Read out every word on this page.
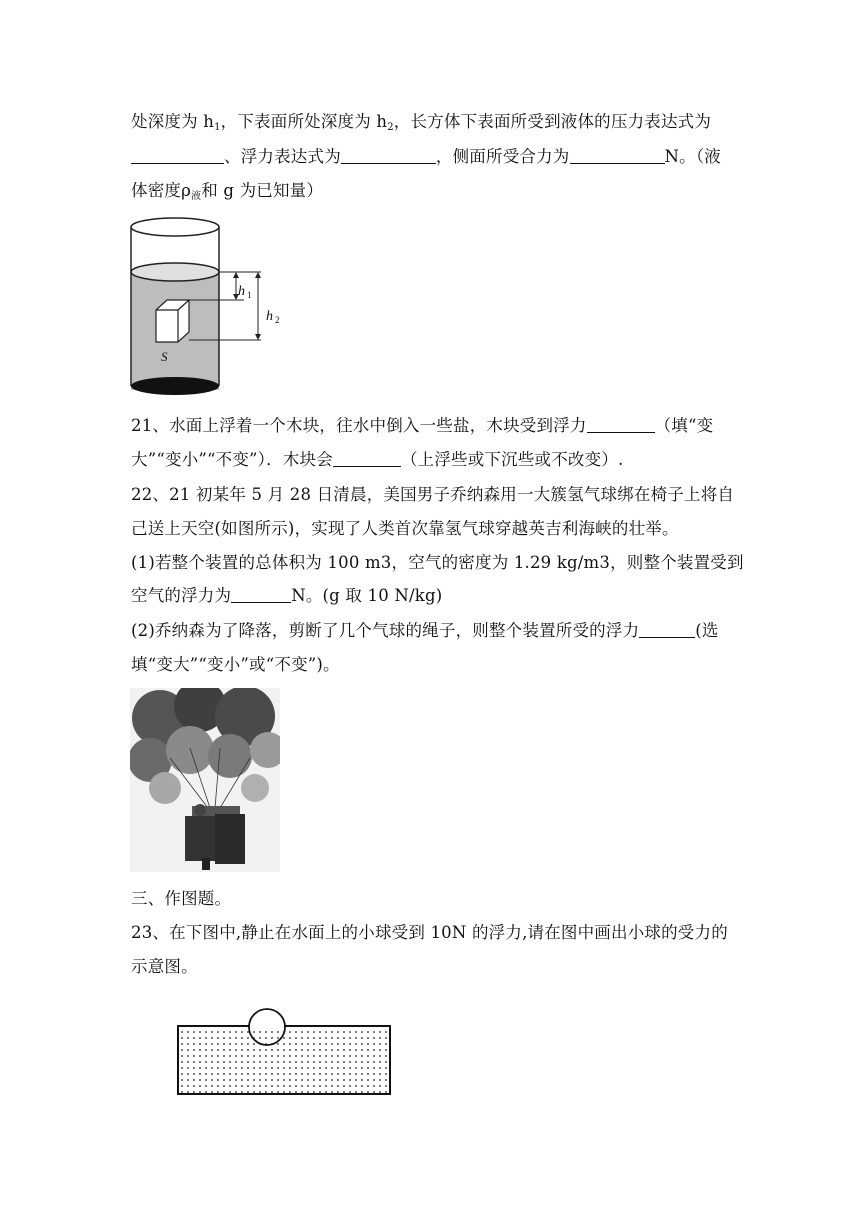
处深度为 $h_1$，下表面所处深度为 $h_2$，长方体下表面所受到液体的压力表达式为
、浮力表达式为	，侧面所受合力为	N。（液
体密度$\rho_液$和 g 为已知量）
h 1
h 2
S
21、水面上浮着一个木块，往水中倒入一些盐，木块受到浮力	（填“变
大”“变小”“不变”）．木块会	（上浮些或下沉些或不改变）.
22、21 初某年 5 月 28 日清晨，美国男子乔纳森用一大簇氢气球绑在椅子上将自
己送上天空(如图所示)，实现了人类首次靠氢气球穿越英吉利海峡的壮举。
(1)若整个装置的总体积为 100 m3，空气的密度为 1.29 kg/m3，则整个装置受到
空气的浮力为	N。(g 取 10 N/kg)
(2)乔纳森为了降落，剪断了几个气球的绳子，则整个装置所受的浮力	(选
填“变大”“变小”或“不变”)。
三、作图题。
23、在下图中,静止在水面上的小球受到 10N 的浮力,请在图中画出小球的受力的
示意图。
